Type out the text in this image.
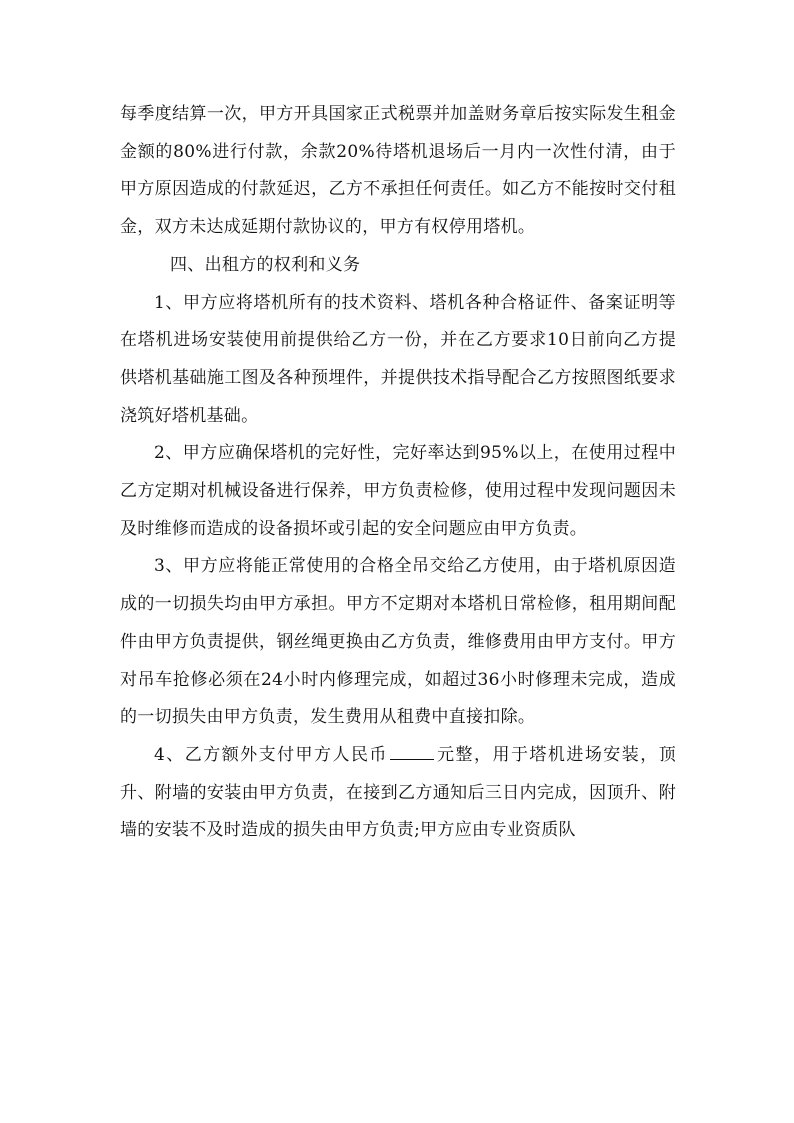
每季度结算一次，甲方开具国家正式税票并加盖财务章后按实际发生租金金额的80%进行付款，余款20%待塔机退场后一月内一次性付清，由于甲方原因造成的付款延迟，乙方不承担任何责任。如乙方不能按时交付租金，双方未达成延期付款协议的，甲方有权停用塔机。

四、出租方的权利和义务

1、甲方应将塔机所有的技术资料、塔机各种合格证件、备案证明等在塔机进场安装使用前提供给乙方一份，并在乙方要求10日前向乙方提供塔机基础施工图及各种预埋件，并提供技术指导配合乙方按照图纸要求浇筑好塔机基础。

2、甲方应确保塔机的完好性，完好率达到95%以上，在使用过程中乙方定期对机械设备进行保养，甲方负责检修，使用过程中发现问题因未及时维修而造成的设备损坏或引起的安全问题应由甲方负责。

3、甲方应将能正常使用的合格全吊交给乙方使用，由于塔机原因造成的一切损失均由甲方承担。甲方不定期对本塔机日常检修，租用期间配件由甲方负责提供，钢丝绳更换由乙方负责，维修费用由甲方支付。甲方对吊车抢修必须在24小时内修理完成，如超过36小时修理未完成，造成的一切损失由甲方负责，发生费用从租费中直接扣除。

4、乙方额外支付甲方人民币	元整，用于塔机进场安装，顶升、附墙的安装由甲方负责，在接到乙方通知后三日内完成，因顶升、附墙的安装不及时造成的损失由甲方负责;甲方应由专业资质队
